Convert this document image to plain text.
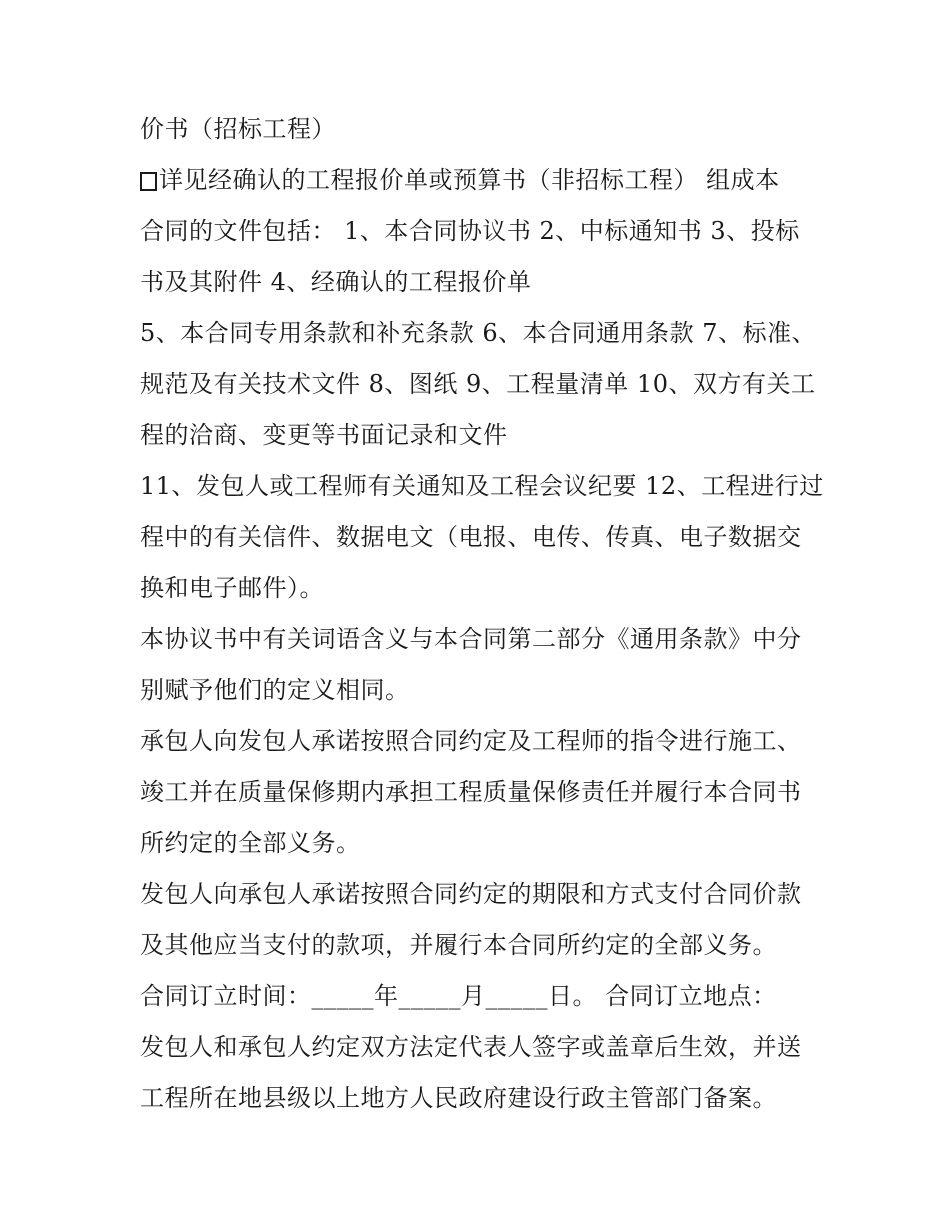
价书（招标工程）
详见经确认的工程报价单或预算书（非招标工程） 组成本
合同的文件包括： 1、本合同协议书 2、中标通知书 3、投标
书及其附件 4、经确认的工程报价单
5、本合同专用条款和补充条款 6、本合同通用条款 7、标准、
规范及有关技术文件 8、图纸 9、工程量清单 10、双方有关工
程的洽商、变更等书面记录和文件
11、发包人或工程师有关通知及工程会议纪要 12、工程进行过
程中的有关信件、数据电文（电报、电传、传真、电子数据交
换和电子邮件）。
本协议书中有关词语含义与本合同第二部分《通用条款》中分
别赋予他们的定义相同。
承包人向发包人承诺按照合同约定及工程师的指令进行施工、
竣工并在质量保修期内承担工程质量保修责任并履行本合同书
所约定的全部义务。
发包人向承包人承诺按照合同约定的期限和方式支付合同价款
及其他应当支付的款项，并履行本合同所约定的全部义务。
合同订立时间：_____年_____月_____日。 合同订立地点：
发包人和承包人约定双方法定代表人签字或盖章后生效，并送
工程所在地县级以上地方人民政府建设行政主管部门备案。
